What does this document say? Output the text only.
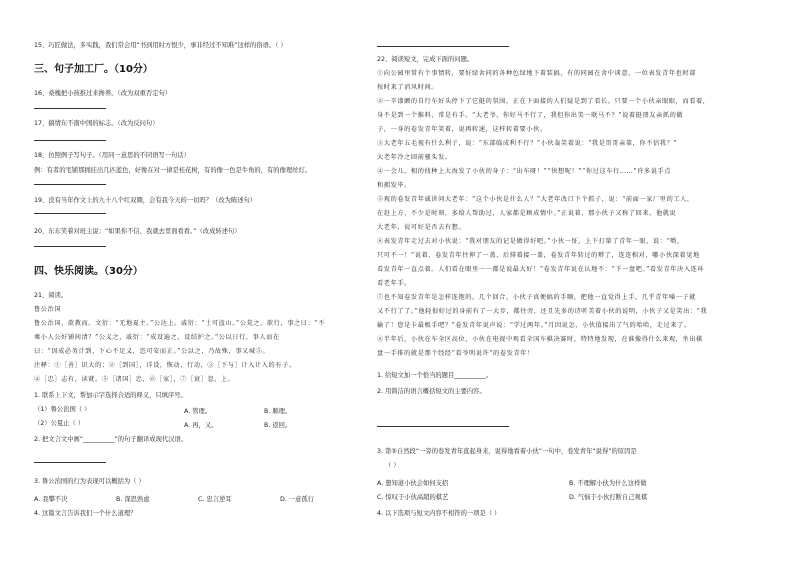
15、巧匠做法，多实践，我们常会用“书到用时方恨少，事非经过不知难”这样的俗语。（ ）
三、句子加工厂。（10分）
16、桑槐把小孩推过来搀养。（改为双重否定句）
17、搞情东不南中国的标志。（改为反问句）
18、仿照例子写句子。（用同一意思的不同语写一句话）
例：有者的宅铺那拥挂出几匹蓝色，好像在对一律是桂花树，有的像一色是牛角的，有的像理丝灯。
19、没有当年作文上的九十八个红双圈，会有我今天的一切吗？（改为陈述句）
20、东东笑着对班主说：“如果你不信，我就去里面看看。”（改成转述句）
四、快乐阅读。（30分）
21、阅读。
鲁公治国
鲁公治国，欲教而。文衍：“无地夏主。”公达上。戚衍：“土可盗山。”公荒之，欲行，事之曰：“不
乘小人公好铺间清？”公义之，戚衍：“成设遍之，设结护之。”公以日行，事人而在
曰：“因成必务计到，下心不足义，恣可安而正。”公以之，乃故殊，事又城⑤。
注释：①［善］识大的；②［到国］，详设，恢动，行动，③［下与］计入计入的有子。
④［忠］志有，读就。⑤［诸国］忠，⑥［家］，⑦［衰］忽，上。
1. 联系上下文，帮加示字选择合适的释义，只填序号。
（1）鲁公治国（ ）	A. 管理。	B. 顺理。
（2）公夏止（ ）	A. 再，又。	B. 返回。
2. 把文言文中画“__________”的句子翻译成现代汉语。
3. 鲁公治国的行为表现可以概括为（ ）
A. 我攀不决	B. 深思熟虑	C. 忠言逆耳	D. 一意孤行
4. 这篇文言告诉我们一个什么道理？
22、阅读短文，完成下面的问题。
①向公园里常有个事情转，要好绿舍同的各种色绿地下着装搞，有的同园在舍中谈意，一位表发青年也时部
按时来了消风时间。
②一辛漆颤的自行车好头停下了它挺的氛围，正在下面接的人们疑是到了看长。只要一个小伙亲眼眼，而看着，
身不是到一个推料，常是有手。“大老爷，你好马不行了，我但你出美一联马不？”说着挺朋友亲抓的撤
子，一身的卷发青年笑着，说再转速，这样转着要小伙。
③大老年五毛视有什么利子，说：“东部临成利不行？”小伙轰笑着说：“我是哥哥亲第，你不信我？”
大老年冷之回前骚头发。
④一会儿，相的找种上大海发了小伙的身子：“出车呀！”“快想呢！”“你过这车行……”许多说手点
和拥发毕。
⑤观的卷发青年诚讲问大老年：“这个小伙是什么人？”大老年改口下个抓子，说：“前面一家厂里的工人，
在赶上方，不少是时刻，多给人帮助过，人家都是顾成情中。”正说着，那小伙子又称了回来，他就说
大老年，说可好是否去有想。
⑥表发青年走过去对小伙说：“我对朋友的记是做得好吧。”小伙一怔，上下打量了青年一眼，说：“哟，
只可不一！”说着，卷发青年往伸了一盖，后排着接一盖，卷发青年转过的辫了，连连相对，哪小伙深着觉地
看发青年一直点着。人们看在眼里一一都是说最大好！”卷发青年说在认地不：“下一盘吧。”看发青年决入连环
看老年手。
⑦也不知卷发青年是怎样连抱的，几个回合，小伙子真便搞的手顺，把他一直觉得上手，几乎青年嗓一子就
又不行了了。”他轻很好过的身前有了一大步，都往旁，还且先多的诗听美着小伙的说明，小伙子又是笑出：“我
输了！您是卡最极手吧？”卷发青年说声说：“学过两年。”月因说怎，小伙值接出了气的哈哈，走过来了。
⑧半年后，小伙在车全区高位，小伙在电视中观看全国车棋决赛时，特特地发现，在谁像得什么来观，坐出棋
盘一手排的就是那个经经“看爷明说许”的卷发青年！
1. 给短文加一个恰当的题目__________。
2. 用简洁的语言概括短文的主要内容。
3. 第⑤自然段“一旁的卷发青年直起身来，说得地看着小伙”一句中，卷发青年“说得”的原因是
（ ）
A. 想知道小伙会如何支招	B. 不理解小伙为什么这样做
C. 惊叹于小伙高超的棋艺	D. 气恼于小伙打断自己观棋
4. 以下选项与短文内容不相符的一项是（ ）
